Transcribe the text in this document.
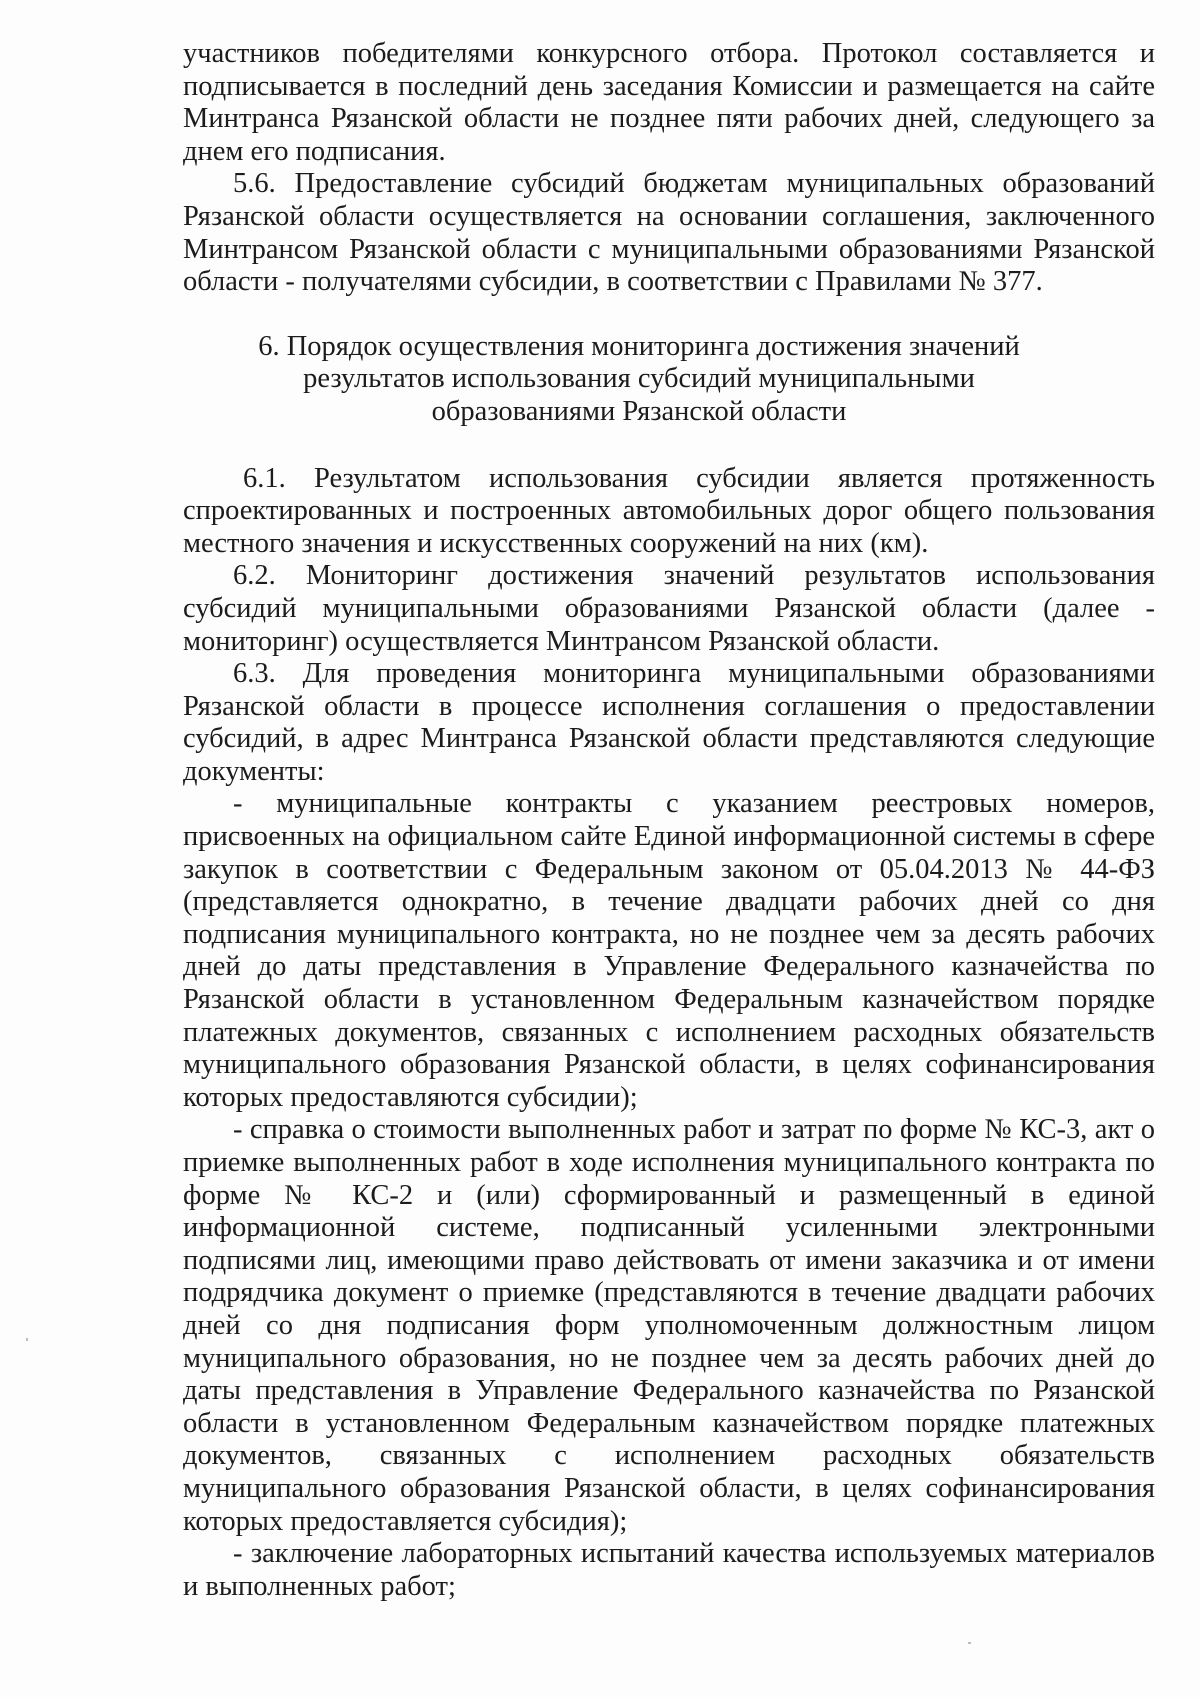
участников победителями конкурсного отбора. Протокол составляется и подписывается в последний день заседания Комиссии и размещается на сайте Минтранса Рязанской области не позднее пяти рабочих дней, следующего за днем его подписания.

5.6. Предоставление субсидий бюджетам муниципальных образований Рязанской области осуществляется на основании соглашения, заключенного Минтрансом Рязанской области с муниципальными образованиями Рязанской области - получателями субсидии, в соответствии с Правилами № 377.

6. Порядок осуществления мониторинга достижения значений
результатов использования субсидий муниципальными
образованиями Рязанской области

6.1. Результатом использования субсидии является протяженность спроектированных и построенных автомобильных дорог общего пользования местного значения и искусственных сооружений на них (км).

6.2. Мониторинг достижения значений результатов использования субсидий муниципальными образованиями Рязанской области (далее - мониторинг) осуществляется Минтрансом Рязанской области.

6.3. Для проведения мониторинга муниципальными образованиями Рязанской области в процессе исполнения соглашения о предоставлении субсидий, в адрес Минтранса Рязанской области представляются следующие документы:

- муниципальные контракты с указанием реестровых номеров, присвоенных на официальном сайте Единой информационной системы в сфере закупок в соответствии с Федеральным законом от 05.04.2013 № 44-ФЗ (представляется однократно, в течение двадцати рабочих дней со дня подписания муниципального контракта, но не позднее чем за десять рабочих дней до даты представления в Управление Федерального казначейства по Рязанской области в установленном Федеральным казначейством порядке платежных документов, связанных с исполнением расходных обязательств муниципального образования Рязанской области, в целях софинансирования которых предоставляются субсидии);

- справка о стоимости выполненных работ и затрат по форме № КС-3, акт о приемке выполненных работ в ходе исполнения муниципального контракта по форме № КС-2 и (или) сформированный и размещенный в единой информационной системе, подписанный усиленными электронными подписями лиц, имеющими право действовать от имени заказчика и от имени подрядчика документ о приемке (представляются в течение двадцати рабочих дней со дня подписания форм уполномоченным должностным лицом муниципального образования, но не позднее чем за десять рабочих дней до даты представления в Управление Федерального казначейства по Рязанской области в установленном Федеральным казначейством порядке платежных документов, связанных с исполнением расходных обязательств муниципального образования Рязанской области, в целях софинансирования которых предоставляется субсидия);

- заключение лабораторных испытаний качества используемых материалов и выполненных работ;
